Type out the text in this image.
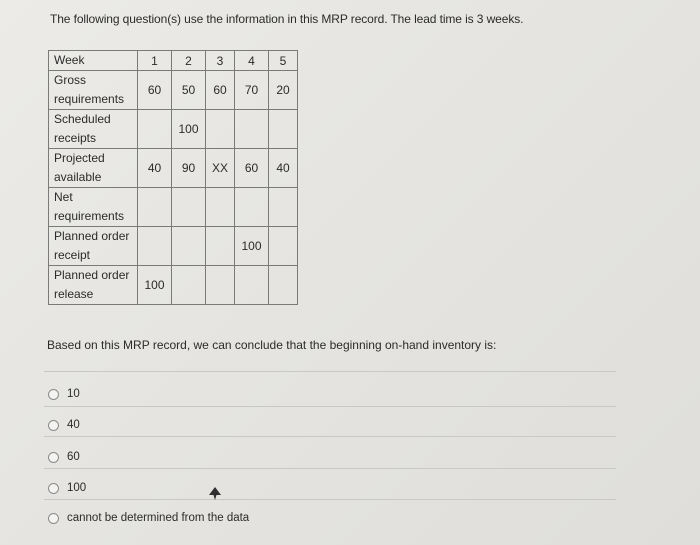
The following question(s) use the information in this MRP record. The lead time is 3 weeks.
Week	1	2	3	4	5
Gross requirements	60	50	60	70	20
Scheduled receipts		100			
Projected available	40	90	XX	60	40
Net requirements					
Planned order receipt				100	
Planned order release	100				
Based on this MRP record, we can conclude that the beginning on-hand inventory is:
10
40
60
100
cannot be determined from the data
